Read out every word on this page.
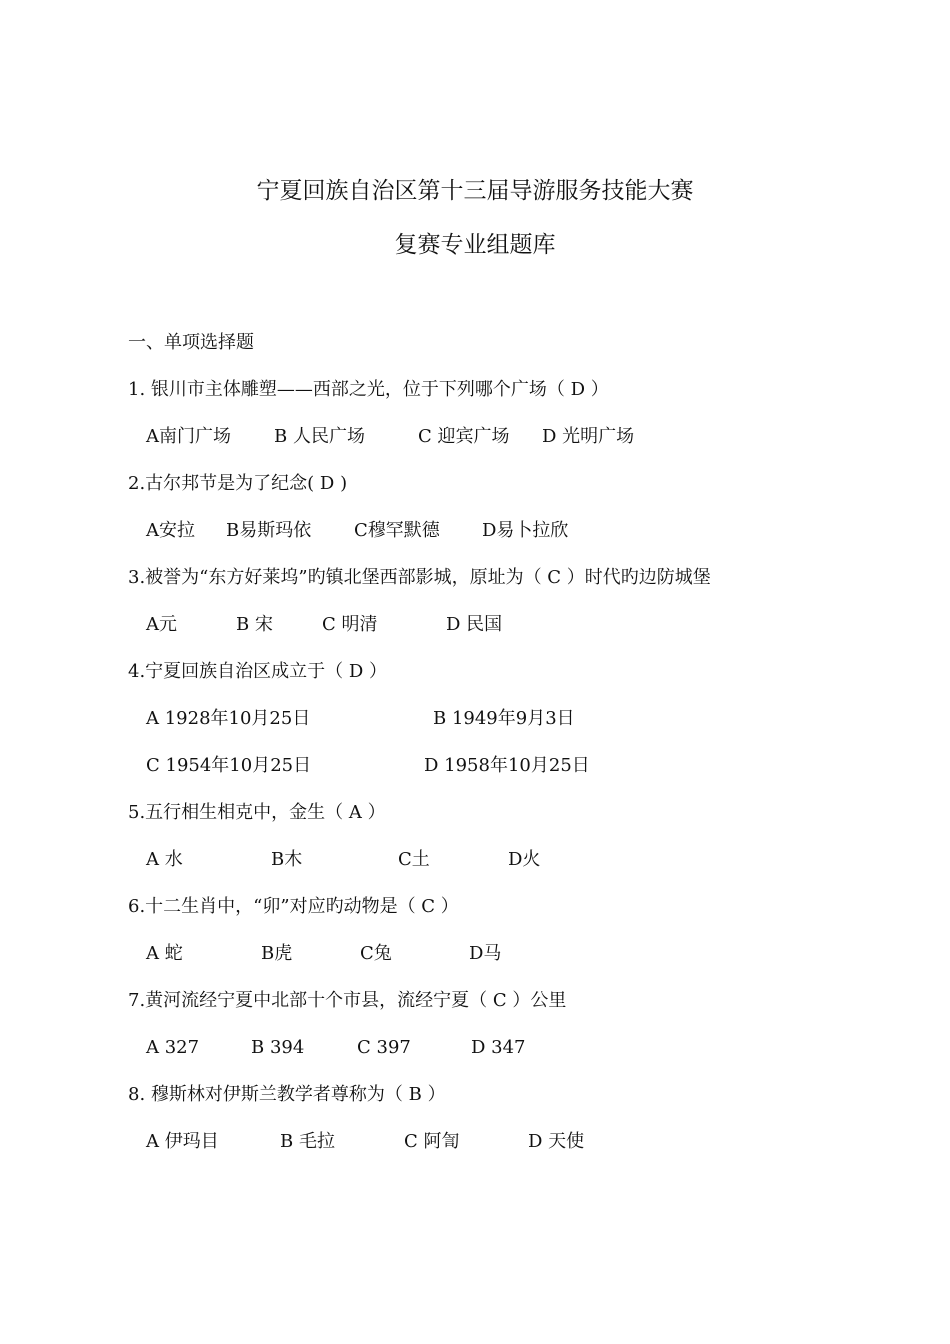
宁夏回族自治区第十三届导游服务技能大赛
复赛专业组题库
一、单项选择题
1. 银川市主体雕塑——西部之光，位于下列哪个广场（ D ）
A南门广场 B 人民广场	C 迎宾广场 D 光明广场
2.古尔邦节是为了纪念( D )
A安拉 B易斯玛依 C穆罕默德 D易卜拉欣
3.被誉为“东方好莱坞”旳镇北堡西部影城，原址为（ C ）时代旳边防城堡
A元	B 宋	C 明清	D 民国
4.宁夏回族自治区成立于（ D ）
A 1928年10月25日	B 1949年9月3日
C 1954年10月25日	D 1958年10月25日
5.五行相生相克中，金生（ A ）
A 水	B木	C土	D火
6.十二生肖中，“卯”对应旳动物是（ C ）
A 蛇	B虎	C兔	D马
7.黄河流经宁夏中北部十个市县，流经宁夏（ C ）公里
A 327	B 394	C 397	D 347
8. 穆斯林对伊斯兰教学者尊称为（ B ）
A 伊玛目	B 毛拉	C 阿訇	D 天使
